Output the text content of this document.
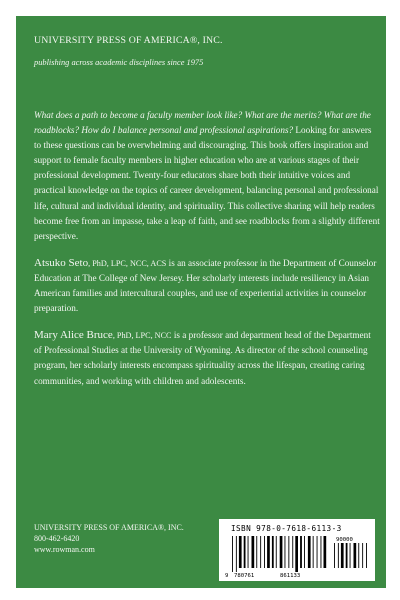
UNIVERSITY PRESS OF AMERICA®, INC.
publishing across academic disciplines since 1975

What does a path to become a faculty member look like? What are the merits? What are the roadblocks? How do I balance personal and professional aspirations? Looking for answers to these questions can be overwhelming and discouraging. This book offers inspiration and support to female faculty members in higher education who are at various stages of their professional development. Twenty-four educators share both their intuitive voices and practical knowledge on the topics of career development, balancing personal and professional life, cultural and individual identity, and spirituality. This collective sharing will help readers become free from an impasse, take a leap of faith, and see roadblocks from a slightly different perspective.

Atsuko Seto, PhD, LPC, NCC, ACS is an associate professor in the Department of Counselor Education at The College of New Jersey. Her scholarly interests include resiliency in Asian American families and intercultural couples, and use of experiential activities in counselor preparation.

Mary Alice Bruce, PhD, LPC, NCC is a professor and department head of the Department of Professional Studies at the University of Wyoming. As director of the school counseling program, her scholarly interests encompass spirituality across the lifespan, creating caring communities, and working with children and adolescents.

UNIVERSITY PRESS OF AMERICA®, INC.
800-462-6420
www.rowman.com
ISBN 978-0-7618-6113-3
9 780761	861133
90000
